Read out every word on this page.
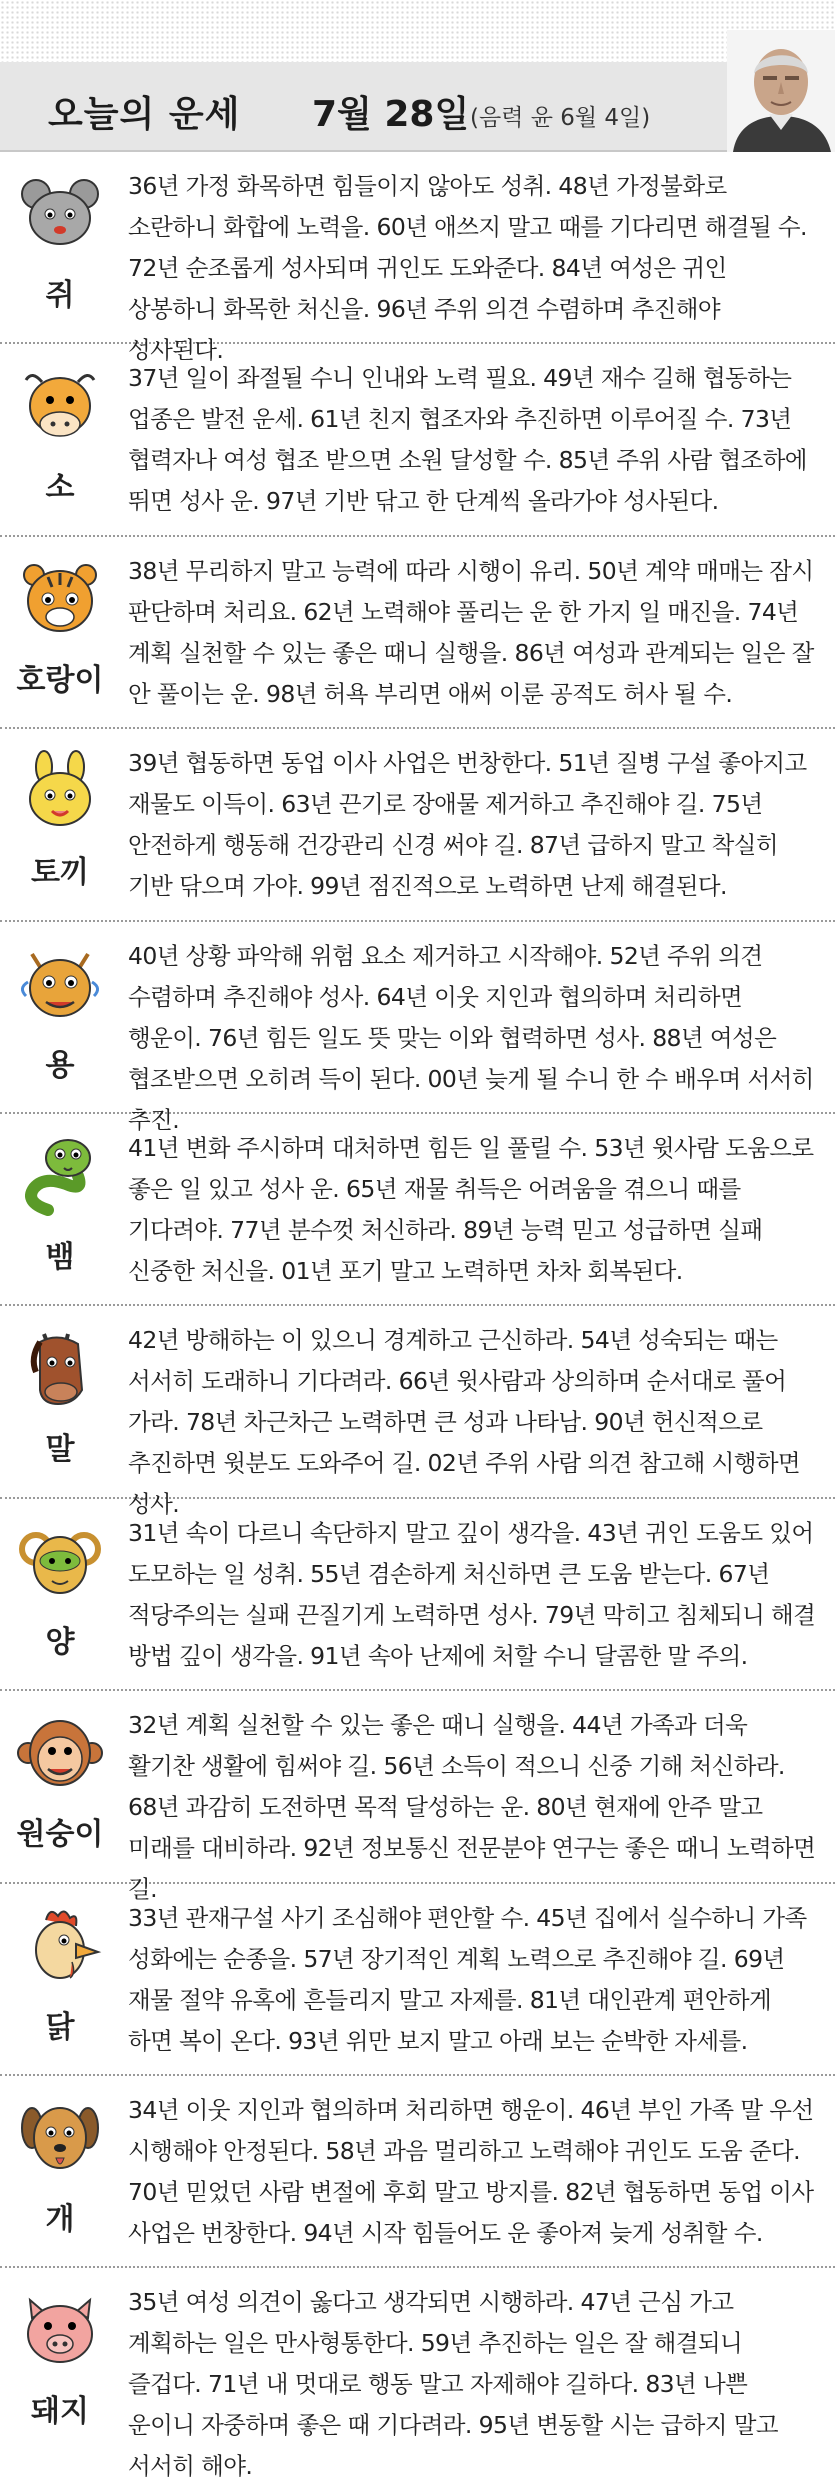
오늘의 운세 7월 28일 (음력 윤 6월 4일)
쥐
36년 가정 화목하면 힘들이지 않아도 성취. 48년 가정불화로 소란하니 화합에 노력을. 60년 애쓰지 말고 때를 기다리면 해결될 수. 72년 순조롭게 성사되며 귀인도 도와준다. 84년 여성은 귀인 상봉하니 화목한 처신을. 96년 주위 의견 수렴하며 추진해야 성사된다.
소
37년 일이 좌절될 수니 인내와 노력 필요. 49년 재수 길해 협동하는 업종은 발전 운세. 61년 친지 협조자와 추진하면 이루어질 수. 73년 협력자나 여성 협조 받으면 소원 달성할 수. 85년 주위 사람 협조하에 뛰면 성사 운. 97년 기반 닦고 한 단계씩 올라가야 성사된다.
호랑이
38년 무리하지 말고 능력에 따라 시행이 유리. 50년 계약 매매는 잠시 판단하며 처리요. 62년 노력해야 풀리는 운 한 가지 일 매진을. 74년 계획 실천할 수 있는 좋은 때니 실행을. 86년 여성과 관계되는 일은 잘 안 풀이는 운. 98년 허욕 부리면 애써 이룬 공적도 허사 될 수.
토끼
39년 협동하면 동업 이사 사업은 번창한다. 51년 질병 구설 좋아지고 재물도 이득이. 63년 끈기로 장애물 제거하고 추진해야 길. 75년 안전하게 행동해 건강관리 신경 써야 길. 87년 급하지 말고 착실히 기반 닦으며 가야. 99년 점진적으로 노력하면 난제 해결된다.
용
40년 상황 파악해 위험 요소 제거하고 시작해야. 52년 주위 의견 수렴하며 추진해야 성사. 64년 이웃 지인과 협의하며 처리하면 행운이. 76년 힘든 일도 뜻 맞는 이와 협력하면 성사. 88년 여성은 협조받으면 오히려 득이 된다. 00년 늦게 될 수니 한 수 배우며 서서히 추진.
뱀
41년 변화 주시하며 대처하면 힘든 일 풀릴 수. 53년 윗사람 도움으로 좋은 일 있고 성사 운. 65년 재물 취득은 어려움을 겪으니 때를 기다려야. 77년 분수껏 처신하라. 89년 능력 믿고 성급하면 실패 신중한 처신을. 01년 포기 말고 노력하면 차차 회복된다.
말
42년 방해하는 이 있으니 경계하고 근신하라. 54년 성숙되는 때는 서서히 도래하니 기다려라. 66년 윗사람과 상의하며 순서대로 풀어 가라. 78년 차근차근 노력하면 큰 성과 나타남. 90년 헌신적으로 추진하면 윗분도 도와주어 길. 02년 주위 사람 의견 참고해 시행하면 성사.
양
31년 속이 다르니 속단하지 말고 깊이 생각을. 43년 귀인 도움도 있어 도모하는 일 성취. 55년 겸손하게 처신하면 큰 도움 받는다. 67년 적당주의는 실패 끈질기게 노력하면 성사. 79년 막히고 침체되니 해결 방법 깊이 생각을. 91년 속아 난제에 처할 수니 달콤한 말 주의.
원숭이
32년 계획 실천할 수 있는 좋은 때니 실행을. 44년 가족과 더욱 활기찬 생활에 힘써야 길. 56년 소득이 적으니 신중 기해 처신하라. 68년 과감히 도전하면 목적 달성하는 운. 80년 현재에 안주 말고 미래를 대비하라. 92년 정보통신 전문분야 연구는 좋은 때니 노력하면 길.
닭
33년 관재구설 사기 조심해야 편안할 수. 45년 집에서 실수하니 가족 성화에는 순종을. 57년 장기적인 계획 노력으로 추진해야 길. 69년 재물 절약 유혹에 흔들리지 말고 자제를. 81년 대인관계 편안하게 하면 복이 온다. 93년 위만 보지 말고 아래 보는 순박한 자세를.
개
34년 이웃 지인과 협의하며 처리하면 행운이. 46년 부인 가족 말 우선 시행해야 안정된다. 58년 과음 멀리하고 노력해야 귀인도 도움 준다. 70년 믿었던 사람 변절에 후회 말고 방지를. 82년 협동하면 동업 이사 사업은 번창한다. 94년 시작 힘들어도 운 좋아져 늦게 성취할 수.
돼지
35년 여성 의견이 옳다고 생각되면 시행하라. 47년 근심 가고 계획하는 일은 만사형통한다. 59년 추진하는 일은 잘 해결되니 즐겁다. 71년 내 멋대로 행동 말고 자제해야 길하다. 83년 나쁜 운이니 자중하며 좋은 때 기다려라. 95년 변동할 시는 급하지 말고 서서히 해야.
